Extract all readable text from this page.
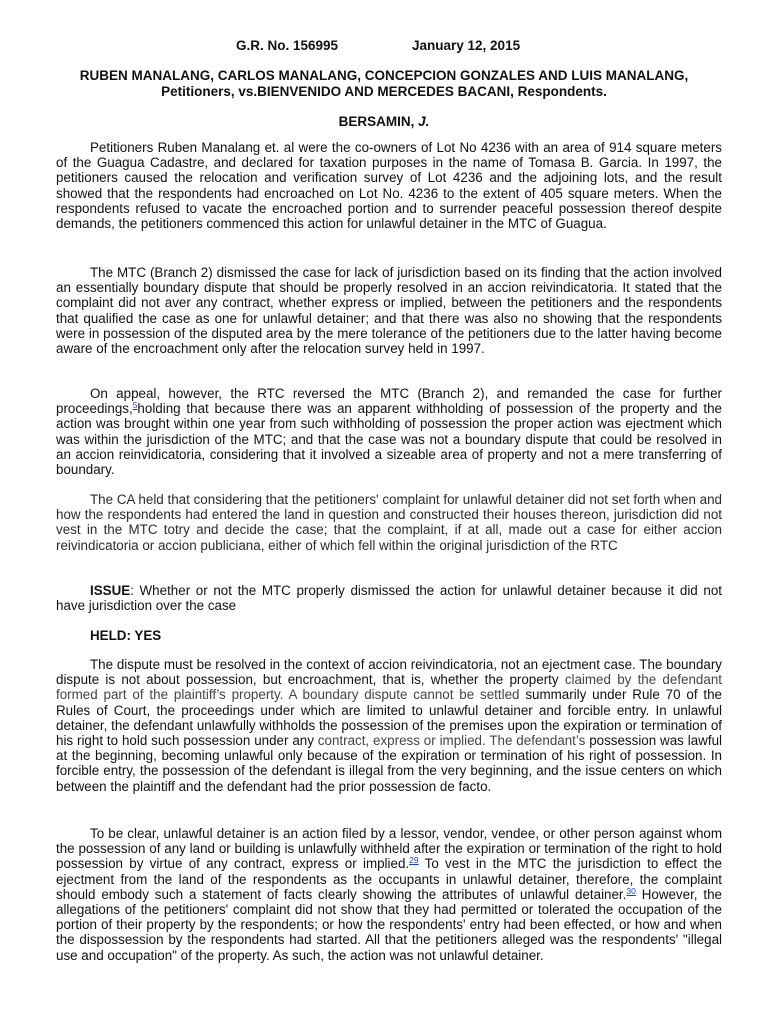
G.R. No. 156995	January 12, 2015
RUBEN MANALANG, CARLOS MANALANG, CONCEPCION GONZALES AND LUIS MANALANG, Petitioners, vs.BIENVENIDO AND MERCEDES BACANI, Respondents.
BERSAMIN, J.

Petitioners Ruben Manalang et. al were the co-owners of Lot No 4236 with an area of 914 square meters of the Guagua Cadastre, and declared for taxation purposes in the name of Tomasa B. Garcia. In 1997, the petitioners caused the relocation and verification survey of Lot 4236 and the adjoining lots, and the result showed that the respondents had encroached on Lot No. 4236 to the extent of 405 square meters. When the respondents refused to vacate the encroached portion and to surrender peaceful possession thereof despite demands, the petitioners commenced this action for unlawful detainer in the MTC of Guagua.

The MTC (Branch 2) dismissed the case for lack of jurisdiction based on its finding that the action involved an essentially boundary dispute that should be properly resolved in an accion reivindicatoria. It stated that the complaint did not aver any contract, whether express or implied, between the petitioners and the respondents that qualified the case as one for unlawful detainer; and that there was also no showing that the respondents were in possession of the disputed area by the mere tolerance of the petitioners due to the latter having become aware of the encroachment only after the relocation survey held in 1997.

On appeal, however, the RTC reversed the MTC (Branch 2), and remanded the case for further proceedings,$^5$holding that because there was an apparent withholding of possession of the property and the action was brought within one year from such withholding of possession the proper action was ejectment which was within the jurisdiction of the MTC; and that the case was not a boundary dispute that could be resolved in an accion reinvidicatoria, considering that it involved a sizeable area of property and not a mere transferring of boundary.

The CA held that considering that the petitioners' complaint for unlawful detainer did not set forth when and how the respondents had entered the land in question and constructed their houses thereon, jurisdiction did not vest in the MTC totry and decide the case; that the complaint, if at all, made out a case for either accion reivindicatoria or accion publiciana, either of which fell within the original jurisdiction of the RTC

ISSUE: Whether or not the MTC properly dismissed the action for unlawful detainer because it did not have jurisdiction over the case

HELD: YES

The dispute must be resolved in the context of accion reivindicatoria, not an ejectment case. The boundary dispute is not about possession, but encroachment, that is, whether the property claimed by the defendant formed part of the plaintiff’s property. A boundary dispute cannot be settled summarily under Rule 70 of the Rules of Court, the proceedings under which are limited to unlawful detainer and forcible entry. In unlawful detainer, the defendant unlawfully withholds the possession of the premises upon the expiration or termination of his right to hold such possession under any contract, express or implied. The defendant’s possession was lawful at the beginning, becoming unlawful only because of the expiration or termination of his right of possession. In forcible entry, the possession of the defendant is illegal from the very beginning, and the issue centers on which between the plaintiff and the defendant had the prior possession de facto.

To be clear, unlawful detainer is an action filed by a lessor, vendor, vendee, or other person against whom the possession of any land or building is unlawfully withheld after the expiration or termination of the right to hold possession by virtue of any contract, express or implied.$^{29}$ To vest in the MTC the jurisdiction to effect the ejectment from the land of the respondents as the occupants in unlawful detainer, therefore, the complaint should embody such a statement of facts clearly showing the attributes of unlawful detainer.$^{30}$ However, the allegations of the petitioners' complaint did not show that they had permitted or tolerated the occupation of the portion of their property by the respondents; or how the respondents' entry had been effected, or how and when the dispossession by the respondents had started. All that the petitioners alleged was the respondents' "illegal use and occupation" of the property. As such, the action was not unlawful detainer.
